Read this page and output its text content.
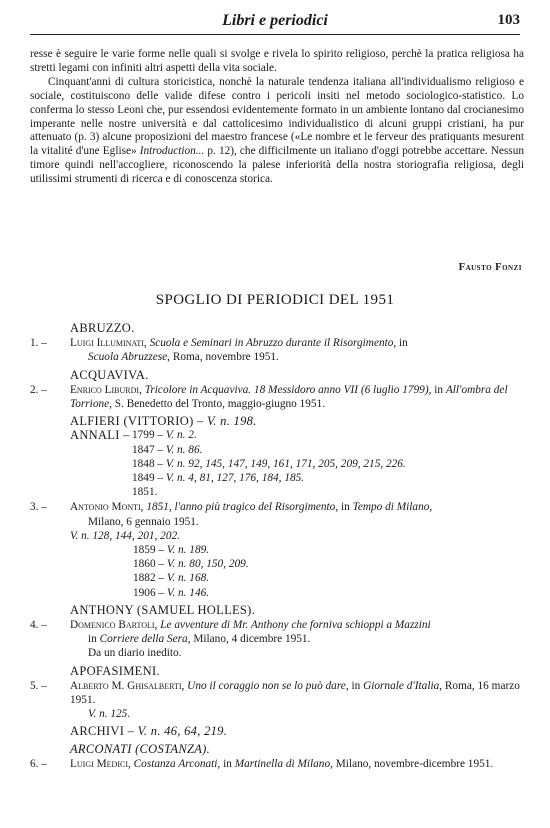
Libri e periodici	103

resse è seguire le varie forme nelle quali si svolge e rivela lo spirito religioso, perchè la pratica religiosa ha stretti legami con infiniti altri aspetti della vita sociale.

Cinquant'anni di cultura storicistica, nonchè la naturale tendenza italiana all'individualismo religioso e sociale, costituiscono delle valide difese contro i pericoli insiti nel metodo sociologico-statistico. Lo conferma lo stesso Leoni che, pur essendosi evidentemente formato in un ambiente lontano dal crocianesimo imperante nelle nostre università e dal cattolicesimo individualistico di alcuni gruppi cristiani, ha pur attenuato (p. 3) alcune proposizioni del maestro francese («Le nombre et le ferveur des pratiquants mesurent la vitalité d'une Eglise» Introduction... p. 12), che difficilmente un italiano d'oggi potrebbe accettare. Nessun timore quindi nell'accogliere, riconoscendo la palese inferiorità della nostra storiografia religiosa, degli utilissimi strumenti di ricerca e di conoscenza storica.

Fausto Fonzi
SPOGLIO DI PERIODICI DEL 1951
ABRUZZO.
1. – Luigi Illuminati, Scuola e Seminari in Abruzzo durante il Risorgimento, in
Scuola Abruzzese, Roma, novembre 1951.
ACQUAVIVA.
2. – Enrico Liburdi, Tricolore in Acquaviva. 18 Messidoro anno VII (6 luglio 1799), in All'ombra del Torrione, S. Benedetto del Tronto, maggio-giugno 1951.
ALFIERI (VITTORIO) – V. n. 198.
ANNALI – 1799 –
V. n. 2.
1847 –
V. n. 86.
1848 –
V. n. 92, 145, 147, 149, 161, 171, 205, 209, 215, 226.
1849 –
V. n. 4, 81, 127, 176, 184, 185.
1851.
3. – Antonio Monti, 1851, l'anno più tragico del Risorgimento, in Tempo di Milano,
Milano, 6 gennaio 1951.
V. n. 128, 144, 201, 202.
1859 – V. n. 189.
1860 – V. n. 80, 150, 209.
1882 – V. n. 168.
1906 – V. n. 146.
ANTHONY (SAMUEL HOLLES).
4. – Domenico Bartoli, Le avventure di Mr. Anthony che forniva schioppi a Mazzini
in Corriere della Sera, Milano, 4 dicembre 1951.
Da un diario inedito.
APOFASIMENI.
5. – Alberto M. Ghisalberti, Uno il coraggio non se lo può dare, in Giornale d'Italia, Roma, 16 marzo 1951.
V. n. 125.
ARCHIVI – V. n. 46, 64, 219.
ARCONATI (COSTANZA).
6. – Luigi Medici, Costanza Arconati, in Martinella di Milano, Milano, novembre-dicembre 1951.
